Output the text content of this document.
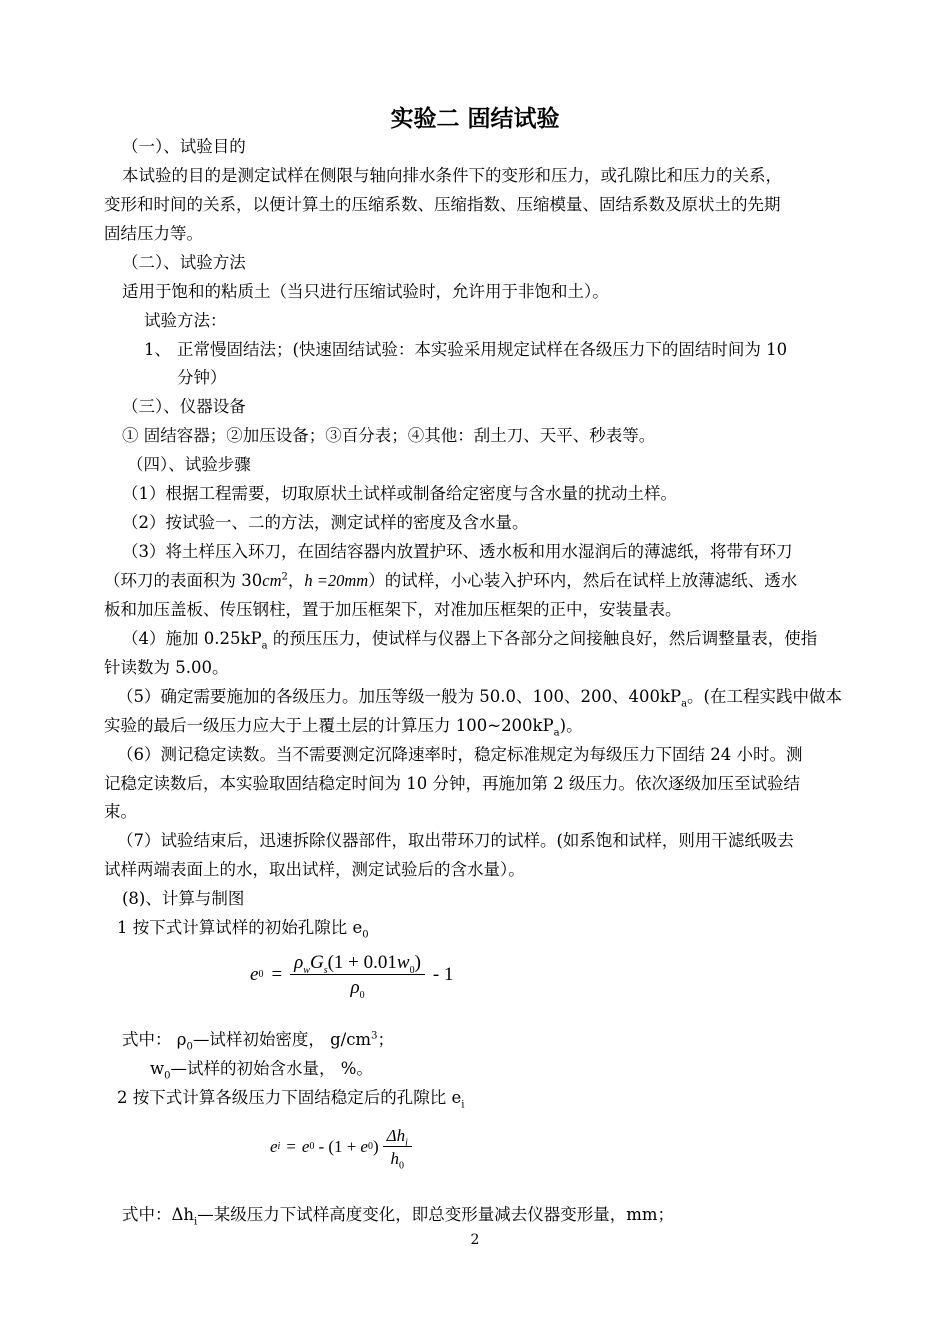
实验二 固结试验
（一）、试验目的
本试验的目的是测定试样在侧限与轴向排水条件下的变形和压力，或孔隙比和压力的关系，
变形和时间的关系，以便计算土的压缩系数、压缩指数、压缩模量、固结系数及原状土的先期
固结压力等。
（二）、试验方法
适用于饱和的粘质土（当只进行压缩试验时，允许用于非饱和土）。
试验方法：
1、 正常慢固结法；(快速固结试验：本实验采用规定试样在各级压力下的固结时间为 10
分钟）
（三）、仪器设备
① 固结容器；②加压设备；③百分表；④其他：刮土刀、天平、秒表等。
（四）、试验步骤
（1）根据工程需要，切取原状土试样或制备给定密度与含水量的扰动土样。
（2）按试验一、二的方法，测定试样的密度及含水量。
（3）将土样压入环刀，在固结容器内放置护环、透水板和用水湿润后的薄滤纸，将带有环刀
（环刀的表面积为 $30cm^2$，h =20mm）的试样，小心装入护环内，然后在试样上放薄滤纸、透水
板和加压盖板、传压钢柱，置于加压框架下，对准加压框架的正中，安装量表。
（4）施加 $0.25kP_a$ 的预压压力，使试样与仪器上下各部分之间接触良好，然后调整量表，使指
针读数为 5.00。
（5）确定需要施加的各级压力。加压等级一般为 50.0、100、200、$400kP_a$。(在工程实践中做本
实验的最后一级压力应大于上覆土层的计算压力 $100\sim 200kP_a$)。
（6）测记稳定读数。当不需要测定沉降速率时，稳定标准规定为每级压力下固结 24 小时。测
记稳定读数后，本实验取固结稳定时间为 10 分钟，再施加第 2 级压力。依次逐级加压至试验结
束。
（7）试验结束后，迅速拆除仪器部件，取出带环刀的试样。(如系饱和试样，则用干滤纸吸去
试样两端表面上的水，取出试样，测定试验后的含水量）。
(8)、计算与制图
1 按下式计算试样的初始孔隙比 $e_0$
e $0 = \frac{\rho_wG_s(1 + 0.01w_0)}{\rho_0} - 1$
式中： $\rho_0—$试样初始密度， $g/cm^3$；
$w_0—$试样的初始含水量， %。
2 按下式计算各级压力下固结稳定后的孔隙比 $e_i$
e i = e 0 - (1 + e 0 ) $\frac{\Delta h_i}{h_0}$
式中：$\Delta h_i—$某级压力下试样高度变化，即总变形量减去仪器变形量，mm；
2
